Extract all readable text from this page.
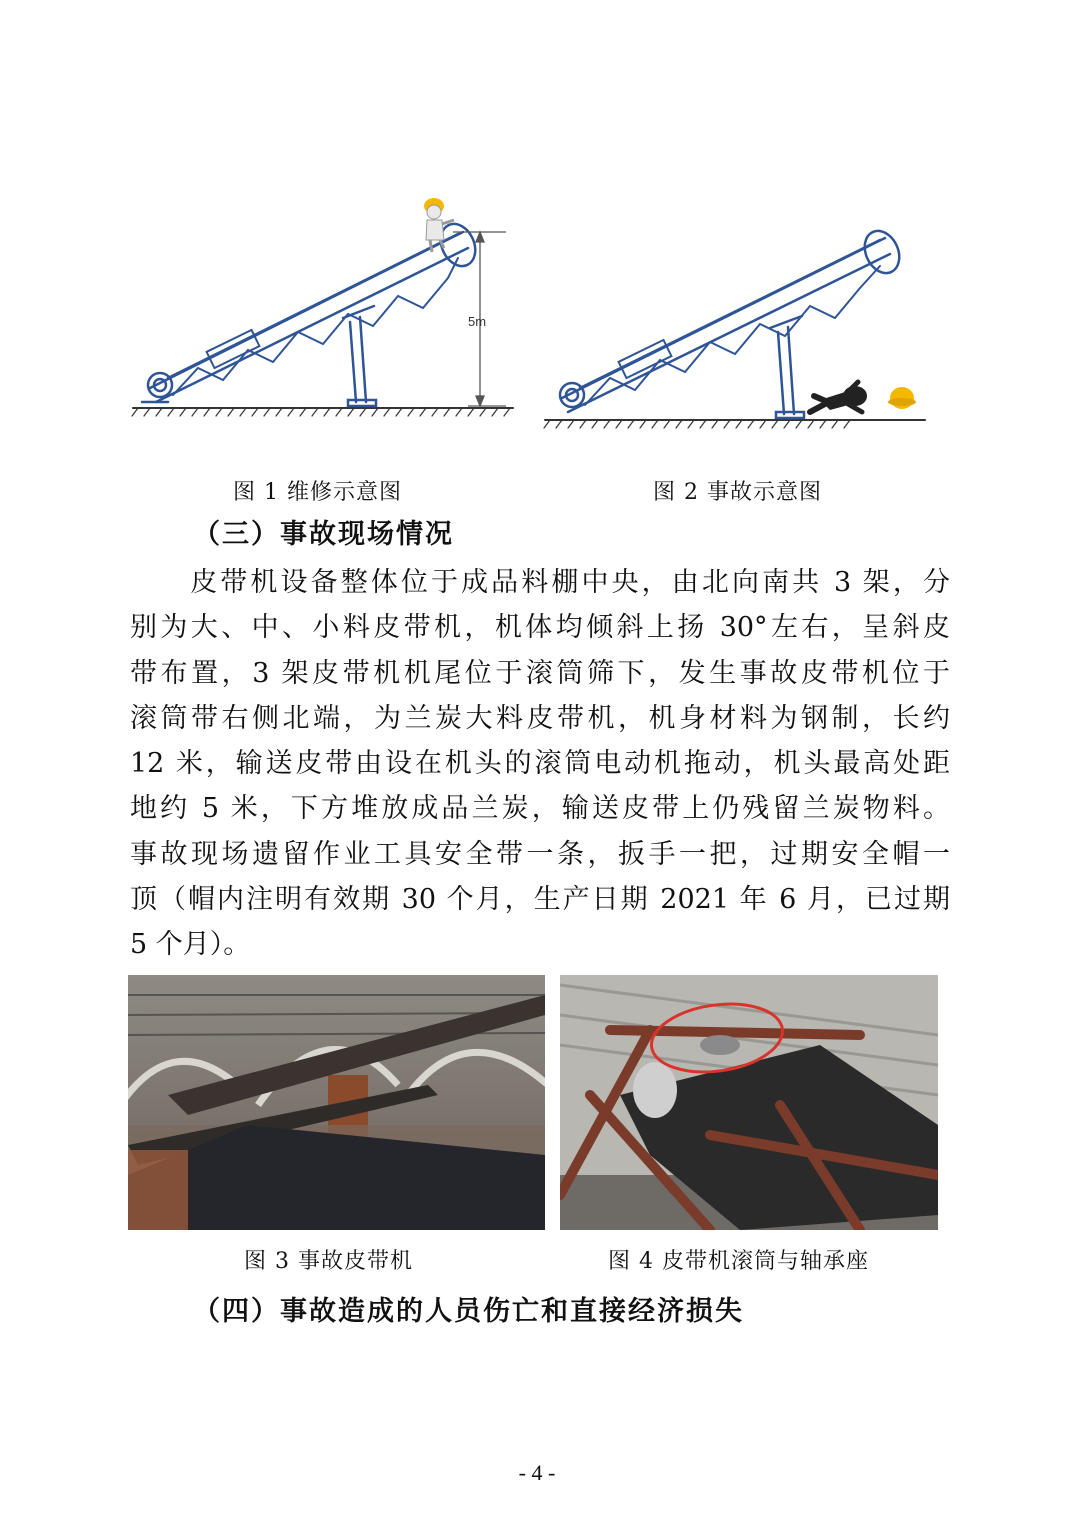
5m
图 1 维修示意图	图 2 事故示意图
（三）事故现场情况
　　皮带机设备整体位于成品料棚中央，由北向南共 3 架，分
别为大、中、小料皮带机，机体均倾斜上扬 30°左右，呈斜皮
带布置，3 架皮带机机尾位于滚筒筛下，发生事故皮带机位于
滚筒带右侧北端，为兰炭大料皮带机，机身材料为钢制，长约
12 米，输送皮带由设在机头的滚筒电动机拖动，机头最高处距
地约 5 米，下方堆放成品兰炭，输送皮带上仍残留兰炭物料。
事故现场遗留作业工具安全带一条，扳手一把，过期安全帽一
顶（帽内注明有效期 30 个月，生产日期 2021 年 6 月，已过期
5 个月）。
图 3 事故皮带机	图 4 皮带机滚筒与轴承座
（四）事故造成的人员伤亡和直接经济损失
- 4 -
